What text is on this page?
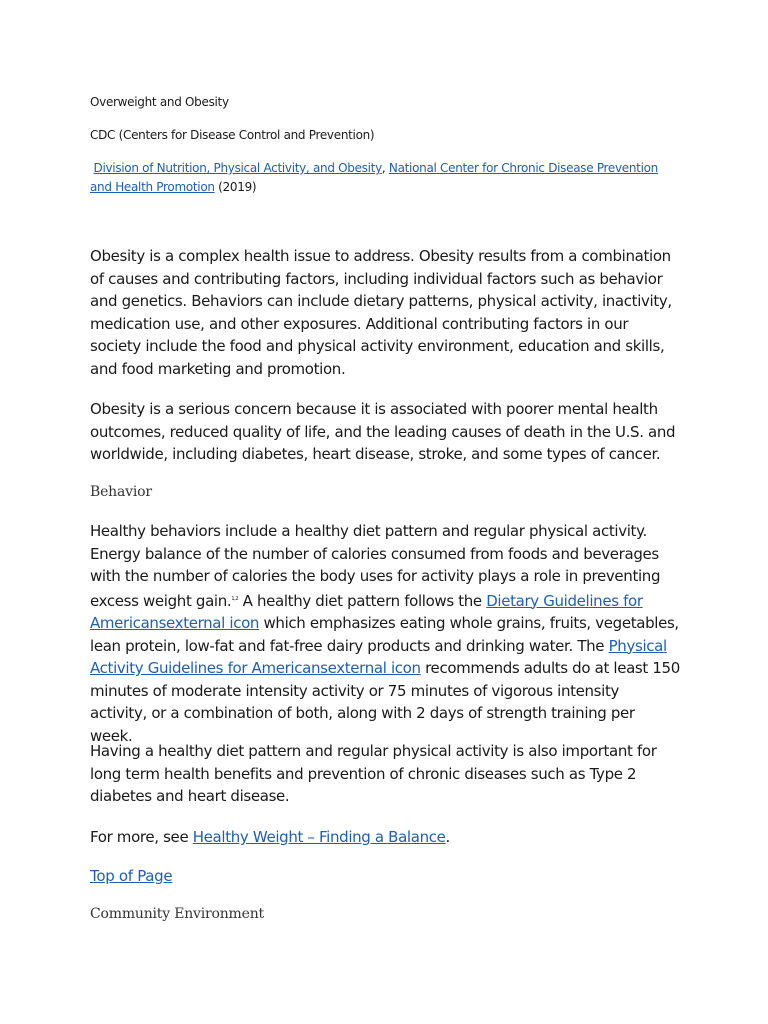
Overweight and Obesity

CDC (Centers for Disease Control and Prevention)

Division of Nutrition, Physical Activity, and Obesity, National Center for Chronic Disease Prevention and Health Promotion (2019)

Obesity is a complex health issue to address. Obesity results from a combination of causes and contributing factors, including individual factors such as behavior and genetics. Behaviors can include dietary patterns, physical activity, inactivity, medication use, and other exposures. Additional contributing factors in our society include the food and physical activity environment, education and skills, and food marketing and promotion.

Obesity is a serious concern because it is associated with poorer mental health outcomes, reduced quality of life, and the leading causes of death in the U.S. and worldwide, including diabetes, heart disease, stroke, and some types of cancer.

Behavior

Healthy behaviors include a healthy diet pattern and regular physical activity. Energy balance of the number of calories consumed from foods and beverages with the number of calories the body uses for activity plays a role in preventing excess weight gain.$^{1,2}$ A healthy diet pattern follows the Dietary Guidelines for Americansexternal icon which emphasizes eating whole grains, fruits, vegetables, lean protein, low-fat and fat-free dairy products and drinking water. The Physical Activity Guidelines for Americansexternal icon recommends adults do at least 150 minutes of moderate intensity activity or 75 minutes of vigorous intensity activity, or a combination of both, along with 2 days of strength training per week.

Having a healthy diet pattern and regular physical activity is also important for long term health benefits and prevention of chronic diseases such as Type 2 diabetes and heart disease.

For more, see Healthy Weight – Finding a Balance.

Top of Page
Community Environment
